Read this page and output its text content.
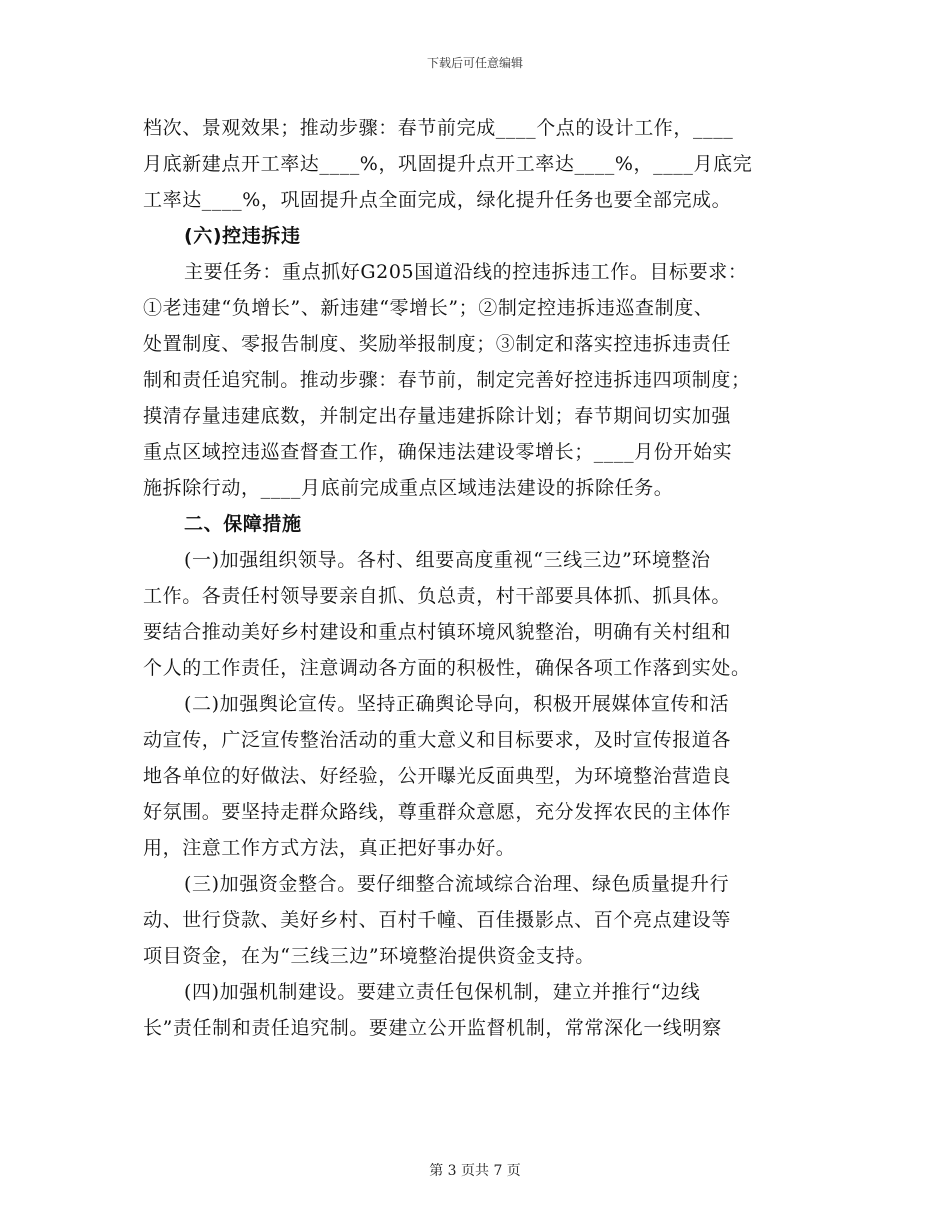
下载后可任意编辑
档次、景观效果；推动步骤：春节前完成____个点的设计工作，____
月底新建点开工率达____%，巩固提升点开工率达____%，____月底完
工率达____%，巩固提升点全面完成，绿化提升任务也要全部完成。
(六)控违拆违
主要任务：重点抓好G205国道沿线的控违拆违工作。目标要求：
①老违建“负增长”、新违建“零增长”；②制定控违拆违巡查制度、
处置制度、零报告制度、奖励举报制度；③制定和落实控违拆违责任
制和责任追究制。推动步骤：春节前，制定完善好控违拆违四项制度；
摸清存量违建底数，并制定出存量违建拆除计划；春节期间切实加强
重点区域控违巡查督查工作，确保违法建设零增长；____月份开始实
施拆除行动，____月底前完成重点区域违法建设的拆除任务。
二、保障措施
(一)加强组织领导。各村、组要高度重视“三线三边”环境整治
工作。各责任村领导要亲自抓、负总责，村干部要具体抓、抓具体。
要结合推动美好乡村建设和重点村镇环境风貌整治，明确有关村组和
个人的工作责任，注意调动各方面的积极性，确保各项工作落到实处。
(二)加强舆论宣传。坚持正确舆论导向，积极开展媒体宣传和活
动宣传，广泛宣传整治活动的重大意义和目标要求，及时宣传报道各
地各单位的好做法、好经验，公开曝光反面典型，为环境整治营造良
好氛围。要坚持走群众路线，尊重群众意愿，充分发挥农民的主体作
用，注意工作方式方法，真正把好事办好。
(三)加强资金整合。要仔细整合流域综合治理、绿色质量提升行
动、世行贷款、美好乡村、百村千幢、百佳摄影点、百个亮点建设等
项目资金，在为“三线三边”环境整治提供资金支持。
(四)加强机制建设。要建立责任包保机制，建立并推行“边线
长”责任制和责任追究制。要建立公开监督机制，常常深化一线明察
第 3 页共 7 页
